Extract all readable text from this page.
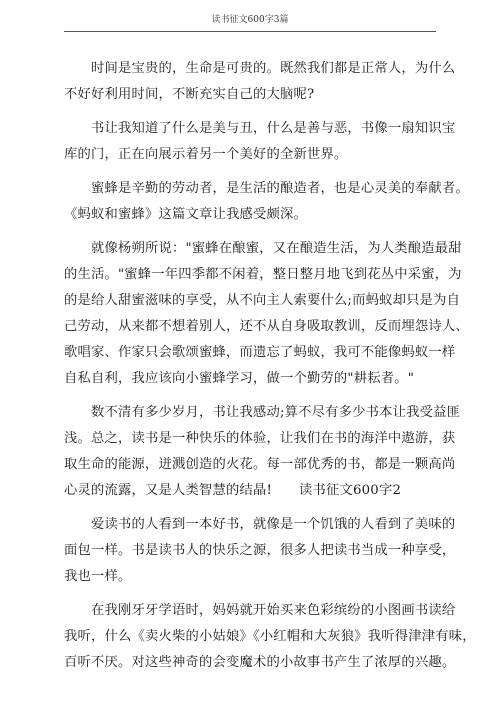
读书征文600字3篇
　　时间是宝贵的，生命是可贵的。既然我们都是正常人，为什么
不好好利用时间，不断充实自己的大脑呢?
　　书让我知道了什么是美与丑，什么是善与恶，书像一扇知识宝
库的门，正在向展示着另一个美好的全新世界。
　　蜜蜂是辛勤的劳动者，是生活的酿造者，也是心灵美的奉献者。
《蚂蚁和蜜蜂》这篇文章让我感受颇深。
　　就像杨朔所说："蜜蜂在酿蜜，又在酿造生活，为人类酿造最甜
的生活。"蜜蜂一年四季都不闲着，整日整月地飞到花丛中采蜜，为
的是给人甜蜜滋味的享受，从不向主人索要什么;而蚂蚁却只是为自
己劳动，从来都不想着别人，还不从自身吸取教训，反而埋怨诗人、
歌唱家、作家只会歌颂蜜蜂，而遗忘了蚂蚁，我可不能像蚂蚁一样
自私自利，我应该向小蜜蜂学习，做一个勤劳的"耕耘者。"
　　数不清有多少岁月，书让我感动;算不尽有多少书本让我受益匪
浅。总之，读书是一种快乐的体验，让我们在书的海洋中遨游，获
取生命的能源，迸溅创造的火花。每一部优秀的书，都是一颗高尚
心灵的流露，又是人类智慧的结晶!　　读书征文600字2
　　爱读书的人看到一本好书，就像是一个饥饿的人看到了美味的
面包一样。书是读书人的快乐之源，很多人把读书当成一种享受，
我也一样。
　　在我刚牙牙学语时，妈妈就开始买来色彩缤纷的小图画书读给
我听，什么《卖火柴的小姑娘》《小红帽和大灰狼》我听得津津有味，
百听不厌。对这些神奇的会变魔术的小故事书产生了浓厚的兴趣。
